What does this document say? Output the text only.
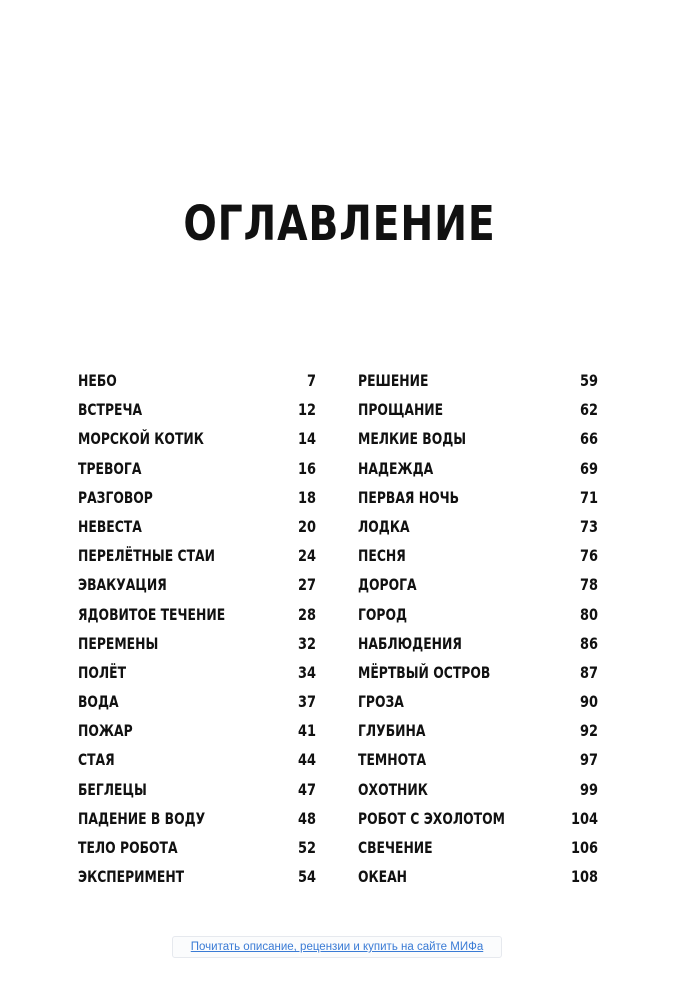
ОГЛАВЛЕНИЕ
НЕБО	7
ВСТРЕЧА	12
МОРСКОЙ КОТИК	14
ТРЕВОГА	16
РАЗГОВОР	18
НЕВЕСТА	20
ПЕРЕЛЁТНЫЕ СТАИ	24
ЭВАКУАЦИЯ	27
ЯДОВИТОЕ ТЕЧЕНИЕ	28
ПЕРЕМЕНЫ	32
ПОЛЁТ	34
ВОДА	37
ПОЖАР	41
СТАЯ	44
БЕГЛЕЦЫ	47
ПАДЕНИЕ В ВОДУ	48
ТЕЛО РОБОТА	52
ЭКСПЕРИМЕНТ	54
РЕШЕНИЕ	59
ПРОЩАНИЕ	62
МЕЛКИЕ ВОДЫ	66
НАДЕЖДА	69
ПЕРВАЯ НОЧЬ	71
ЛОДКА	73
ПЕСНЯ	76
ДОРОГА	78
ГОРОД	80
НАБЛЮДЕНИЯ	86
МЁРТВЫЙ ОСТРОВ	87
ГРОЗА	90
ГЛУБИНА	92
ТЕМНОТА	97
ОХОТНИК	99
РОБОТ С ЭХОЛОТОМ	104
СВЕЧЕНИЕ	106
ОКЕАН	108
Почитать описание, рецензии и купить на сайте МИФа
